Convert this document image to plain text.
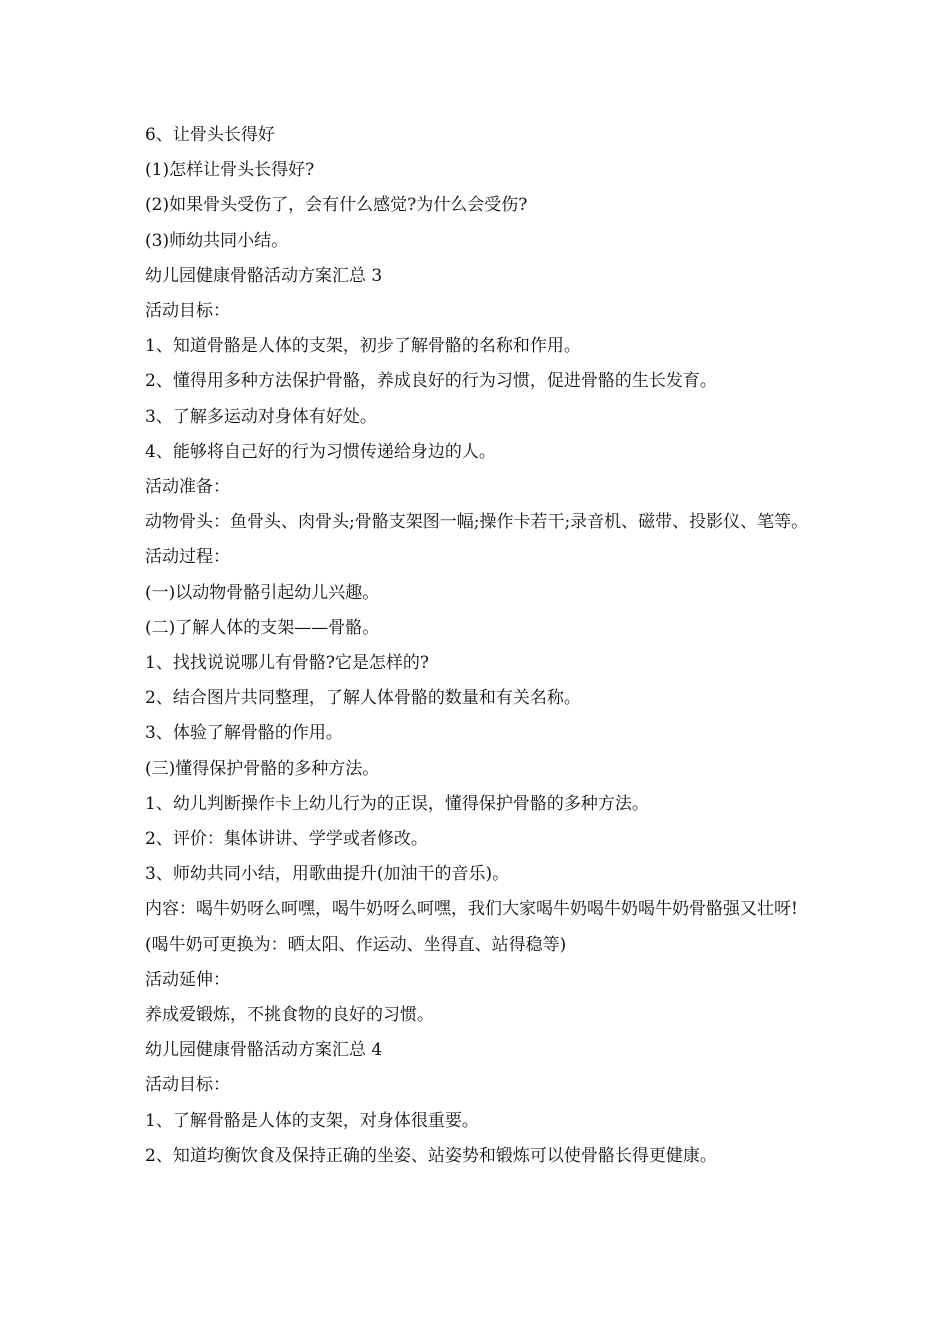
6、让骨头长得好

(1)怎样让骨头长得好?

(2)如果骨头受伤了，会有什么感觉?为什么会受伤?

(3)师幼共同小结。

幼儿园健康骨骼活动方案汇总 3

活动目标：

1、知道骨骼是人体的支架，初步了解骨骼的名称和作用。

2、懂得用多种方法保护骨骼，养成良好的行为习惯，促进骨骼的生长发育。

3、了解多运动对身体有好处。

4、能够将自己好的行为习惯传递给身边的人。

活动准备：

动物骨头：鱼骨头、肉骨头;骨骼支架图一幅;操作卡若干;录音机、磁带、投影仪、笔等。

活动过程：

(一)以动物骨骼引起幼儿兴趣。

(二)了解人体的支架——骨骼。

1、找找说说哪儿有骨骼?它是怎样的?

2、结合图片共同整理，了解人体骨骼的数量和有关名称。

3、体验了解骨骼的作用。

(三)懂得保护骨骼的多种方法。

1、幼儿判断操作卡上幼儿行为的正误，懂得保护骨骼的多种方法。

2、评价：集体讲讲、学学或者修改。

3、师幼共同小结，用歌曲提升(加油干的音乐)。

内容：喝牛奶呀么呵嘿，喝牛奶呀么呵嘿，我们大家喝牛奶喝牛奶喝牛奶骨骼强又壮呀!(喝牛奶可更换为：晒太阳、作运动、坐得直、站得稳等)

活动延伸：

养成爱锻炼，不挑食物的良好的习惯。

幼儿园健康骨骼活动方案汇总 4

活动目标：

1、了解骨骼是人体的支架，对身体很重要。

2、知道均衡饮食及保持正确的坐姿、站姿势和锻炼可以使骨骼长得更健康。
